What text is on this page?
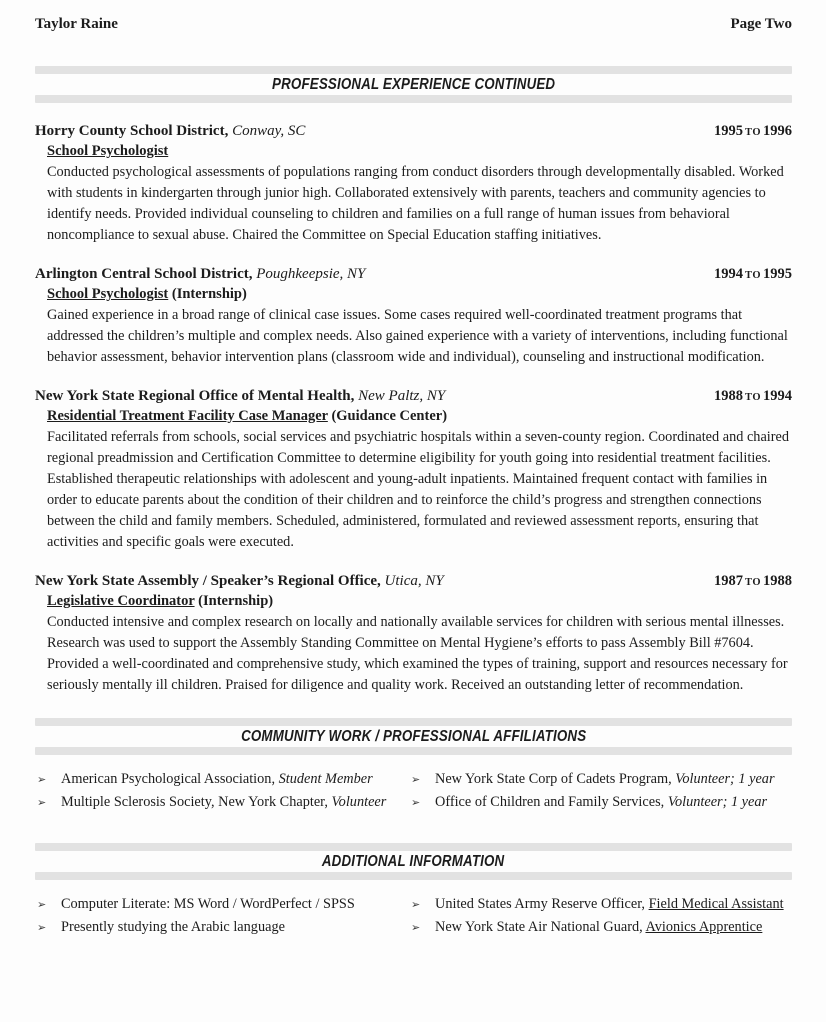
Taylor Raine	Page Two
PROFESSIONAL EXPERIENCE CONTINUED
Horry County School District, Conway, SC	1995 TO 1996
School Psychologist
Conducted psychological assessments of populations ranging from conduct disorders through developmentally disabled. Worked with students in kindergarten through junior high. Collaborated extensively with parents, teachers and community agencies to identify needs. Provided individual counseling to children and families on a full range of human issues from behavioral noncompliance to sexual abuse. Chaired the Committee on Special Education staffing initiatives.
Arlington Central School District, Poughkeepsie, NY	1994 TO 1995
School Psychologist (Internship)
Gained experience in a broad range of clinical case issues. Some cases required well-coordinated treatment programs that addressed the children’s multiple and complex needs. Also gained experience with a variety of interventions, including functional behavior assessment, behavior intervention plans (classroom wide and individual), counseling and instructional modification.
New York State Regional Office of Mental Health, New Paltz, NY	1988 TO 1994
Residential Treatment Facility Case Manager (Guidance Center)
Facilitated referrals from schools, social services and psychiatric hospitals within a seven-county region. Coordinated and chaired regional preadmission and Certification Committee to determine eligibility for youth going into residential treatment facilities. Established therapeutic relationships with adolescent and young-adult inpatients. Maintained frequent contact with families in order to educate parents about the condition of their children and to reinforce the child’s progress and strengthen connections between the child and family members. Scheduled, administered, formulated and reviewed assessment reports, ensuring that activities and specific goals were executed.
New York State Assembly / Speaker’s Regional Office, Utica, NY	1987 TO 1988
Legislative Coordinator (Internship)
Conducted intensive and complex research on locally and nationally available services for children with serious mental illnesses. Research was used to support the Assembly Standing Committee on Mental Hygiene’s efforts to pass Assembly Bill #7604. Provided a well-coordinated and comprehensive study, which examined the types of training, support and resources necessary for seriously mentally ill children. Praised for diligence and quality work. Received an outstanding letter of recommendation.
COMMUNITY WORK / PROFESSIONAL AFFILIATIONS
➢	American Psychological Association, Student Member
➢	Multiple Sclerosis Society, New York Chapter, Volunteer
➢	New York State Corp of Cadets Program, Volunteer; 1 year
➢	Office of Children and Family Services, Volunteer; 1 year
ADDITIONAL INFORMATION
➢	Computer Literate: MS Word / WordPerfect / SPSS
➢	Presently studying the Arabic language
➢	United States Army Reserve Officer, Field Medical Assistant
➢	New York State Air National Guard, Avionics Apprentice
